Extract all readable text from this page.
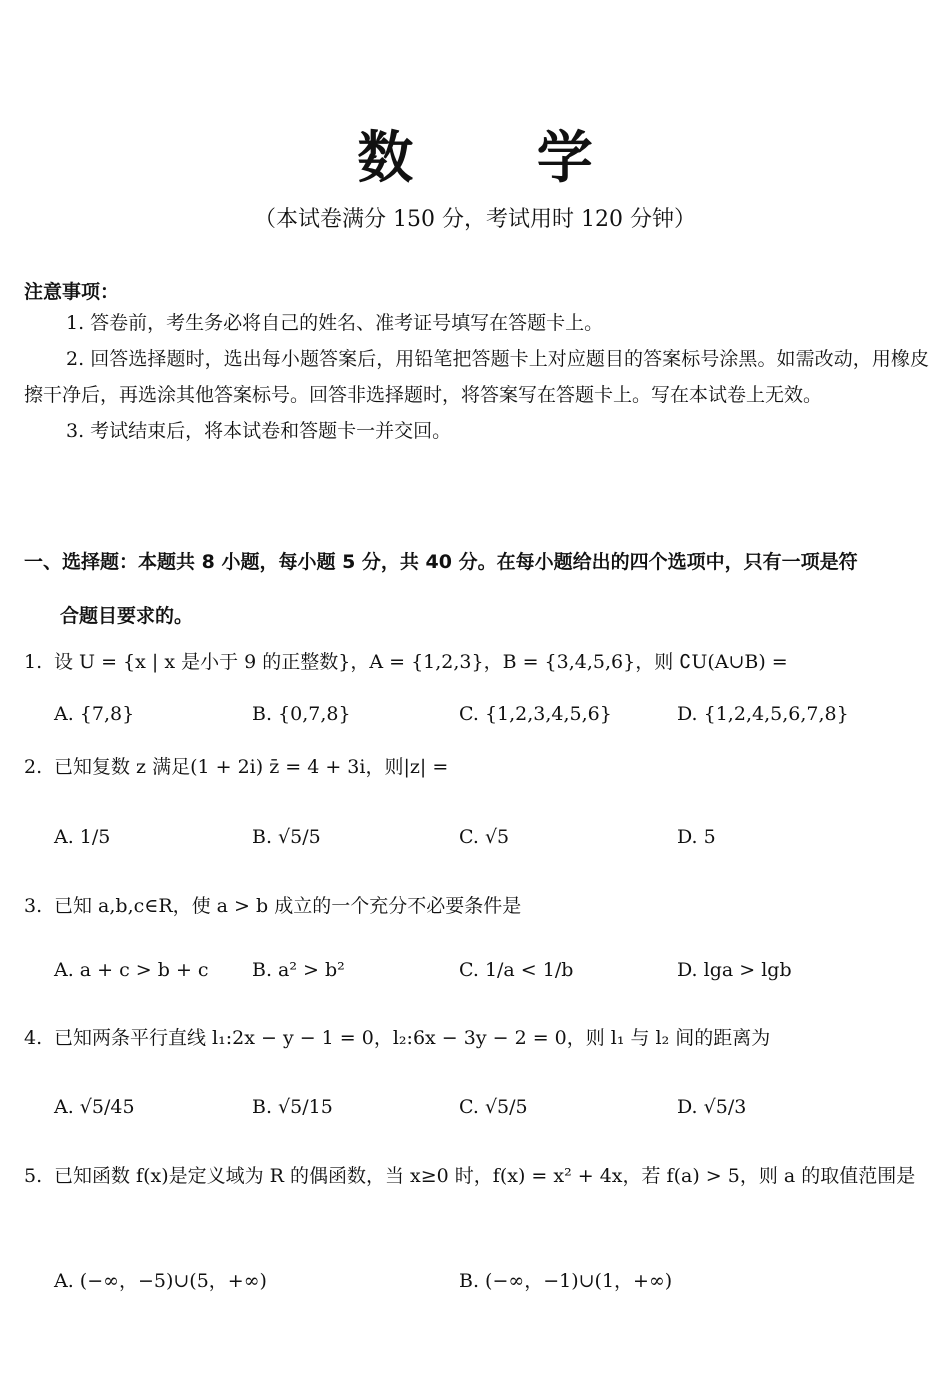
数 学
（本试卷满分 150 分，考试用时 120 分钟）
注意事项：

1. 答卷前，考生务必将自己的姓名、准考证号填写在答题卡上。

2. 回答选择题时，选出每小题答案后，用铅笔把答题卡上对应题目的答案标号涂黑。如需改动，用橡皮擦干净后，再选涂其他答案标号。回答非选择题时，将答案写在答题卡上。写在本试卷上无效。

3. 考试结束后，将本试卷和答题卡一并交回。

一、选择题：本题共 8 小题，每小题 5 分，共 40 分。在每小题给出的四个选项中，只有一项是符
合题目要求的。
1. 设 U = {x | x 是小于 9 的正整数}，A = {1,2,3}，B = {3,4,5,6}，则 ∁U(A∪B) =
A. {7,8}	B. {0,7,8}	C. {1,2,3,4,5,6}	D. {1,2,4,5,6,7,8}
2. 已知复数 z 满足(1 + 2i) z̄ = 4 + 3i，则|z| =
A. 1/5	B. √5/5	C. √5	D. 5
3. 已知 a,b,c∈R，使 a > b 成立的一个充分不必要条件是
A. a + c > b + c B. a² > b²	C. 1/a < 1/b	D. lga > lgb
4. 已知两条平行直线 l₁:2x − y − 1 = 0，l₂:6x − 3y − 2 = 0，则 l₁ 与 l₂ 间的距离为
A. √5/45	B. √5/15	C. √5/5	D. √5/3
5. 已知函数 f(x)是定义域为 R 的偶函数，当 x≥0 时，f(x) = x² + 4x，若 f(a) > 5，则 a 的取值范围是
A. (−∞，−5)∪(5，+∞)	B. (−∞，−1)∪(1，+∞)
